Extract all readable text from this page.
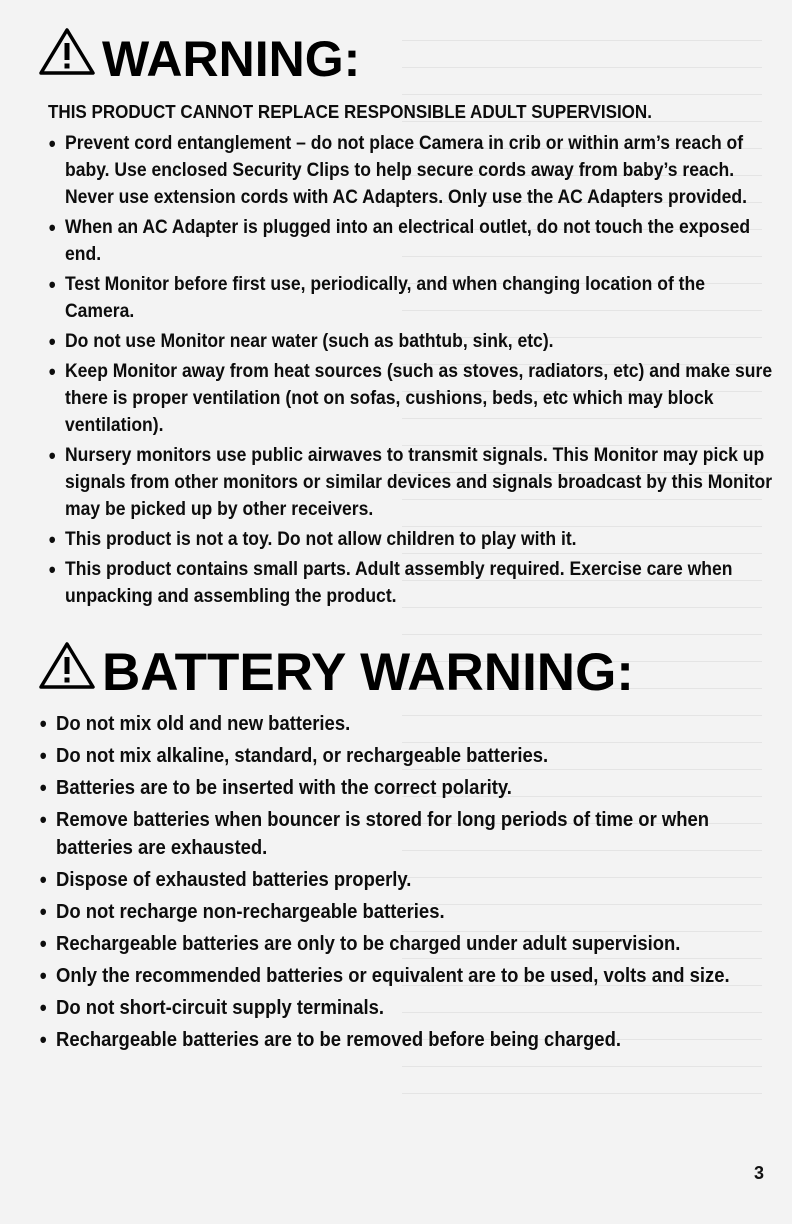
WARNING:
THIS PRODUCT CANNOT REPLACE RESPONSIBLE ADULT SUPERVISION.
• Prevent cord entanglement – do not place Camera in crib or within arm’s reach of baby. Use enclosed Security Clips to help secure cords away from baby’s reach. Never use extension cords with AC Adapters. Only use the AC Adapters provided.
• When an AC Adapter is plugged into an electrical outlet, do not touch the exposed end.
• Test Monitor before first use, periodically, and when changing location of the Camera.
• Do not use Monitor near water (such as bathtub, sink, etc).
• Keep Monitor away from heat sources (such as stoves, radiators, etc) and make sure there is proper ventilation (not on sofas, cushions, beds, etc which may block ventilation).
• Nursery monitors use public airwaves to transmit signals. This Monitor may pick up signals from other monitors or similar devices and signals broadcast by this Monitor may be picked up by other receivers.
• This product is not a toy. Do not allow children to play with it.
• This product contains small parts. Adult assembly required. Exercise care when unpacking and assembling the product.
BATTERY WARNING:
• Do not mix old and new batteries.
• Do not mix alkaline, standard, or rechargeable batteries.
• Batteries are to be inserted with the correct polarity.
• Remove batteries when bouncer is stored for long periods of time or when batteries are exhausted.
• Dispose of exhausted batteries properly.
• Do not recharge non-rechargeable batteries.
• Rechargeable batteries are only to be charged under adult supervision.
• Only the recommended batteries or equivalent are to be used, volts and size.
• Do not short-circuit supply terminals.
• Rechargeable batteries are to be removed before being charged.
3
